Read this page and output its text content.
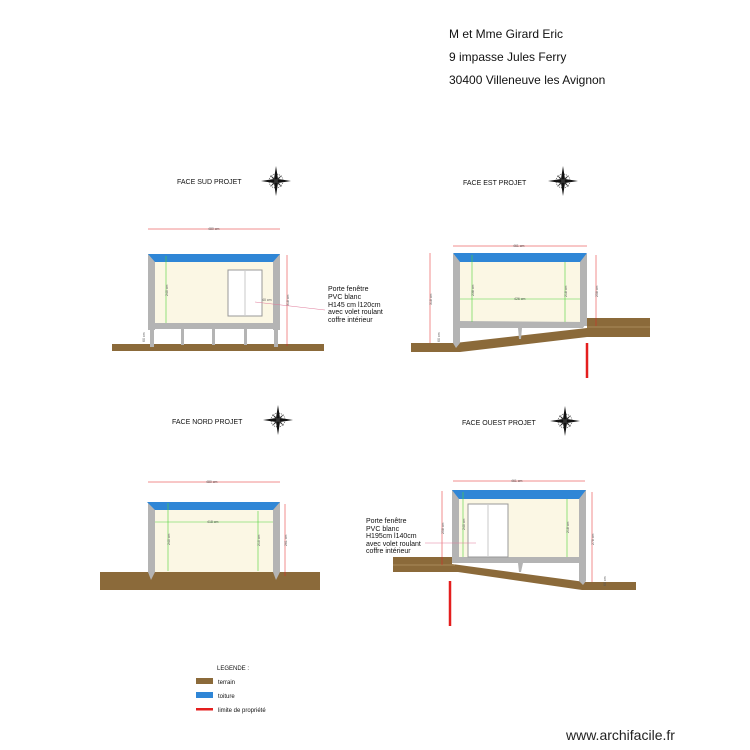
M et Mme Girard Eric
9 impasse Jules Ferry
30400 Villeneuve les Avignon
FACE SUD PROJET
480 cm
318 cm
240 cm
60 cm
40 cm
Porte fenêtre
PVC blanc
H145 cm l120cm
avec volet roulant
coffre intérieur
FACE EST PROJET
461 cm
318 cm
60 cm
258 cm
238 cm	218 cm
426 cm
FACE NORD PROJET
480 cm
261 cm
418 cm
240 cm	210 cm
FACE OUEST PROJET
461 cm
258 cm	240 cm	218 cm
278 cm
60 cm
Porte fenêtre
PVC blanc
H195cm l140cm
avec volet roulant
coffre intérieur
LEGENDE :
terrain
toiture
limite de propriété
www.archifacile.fr
